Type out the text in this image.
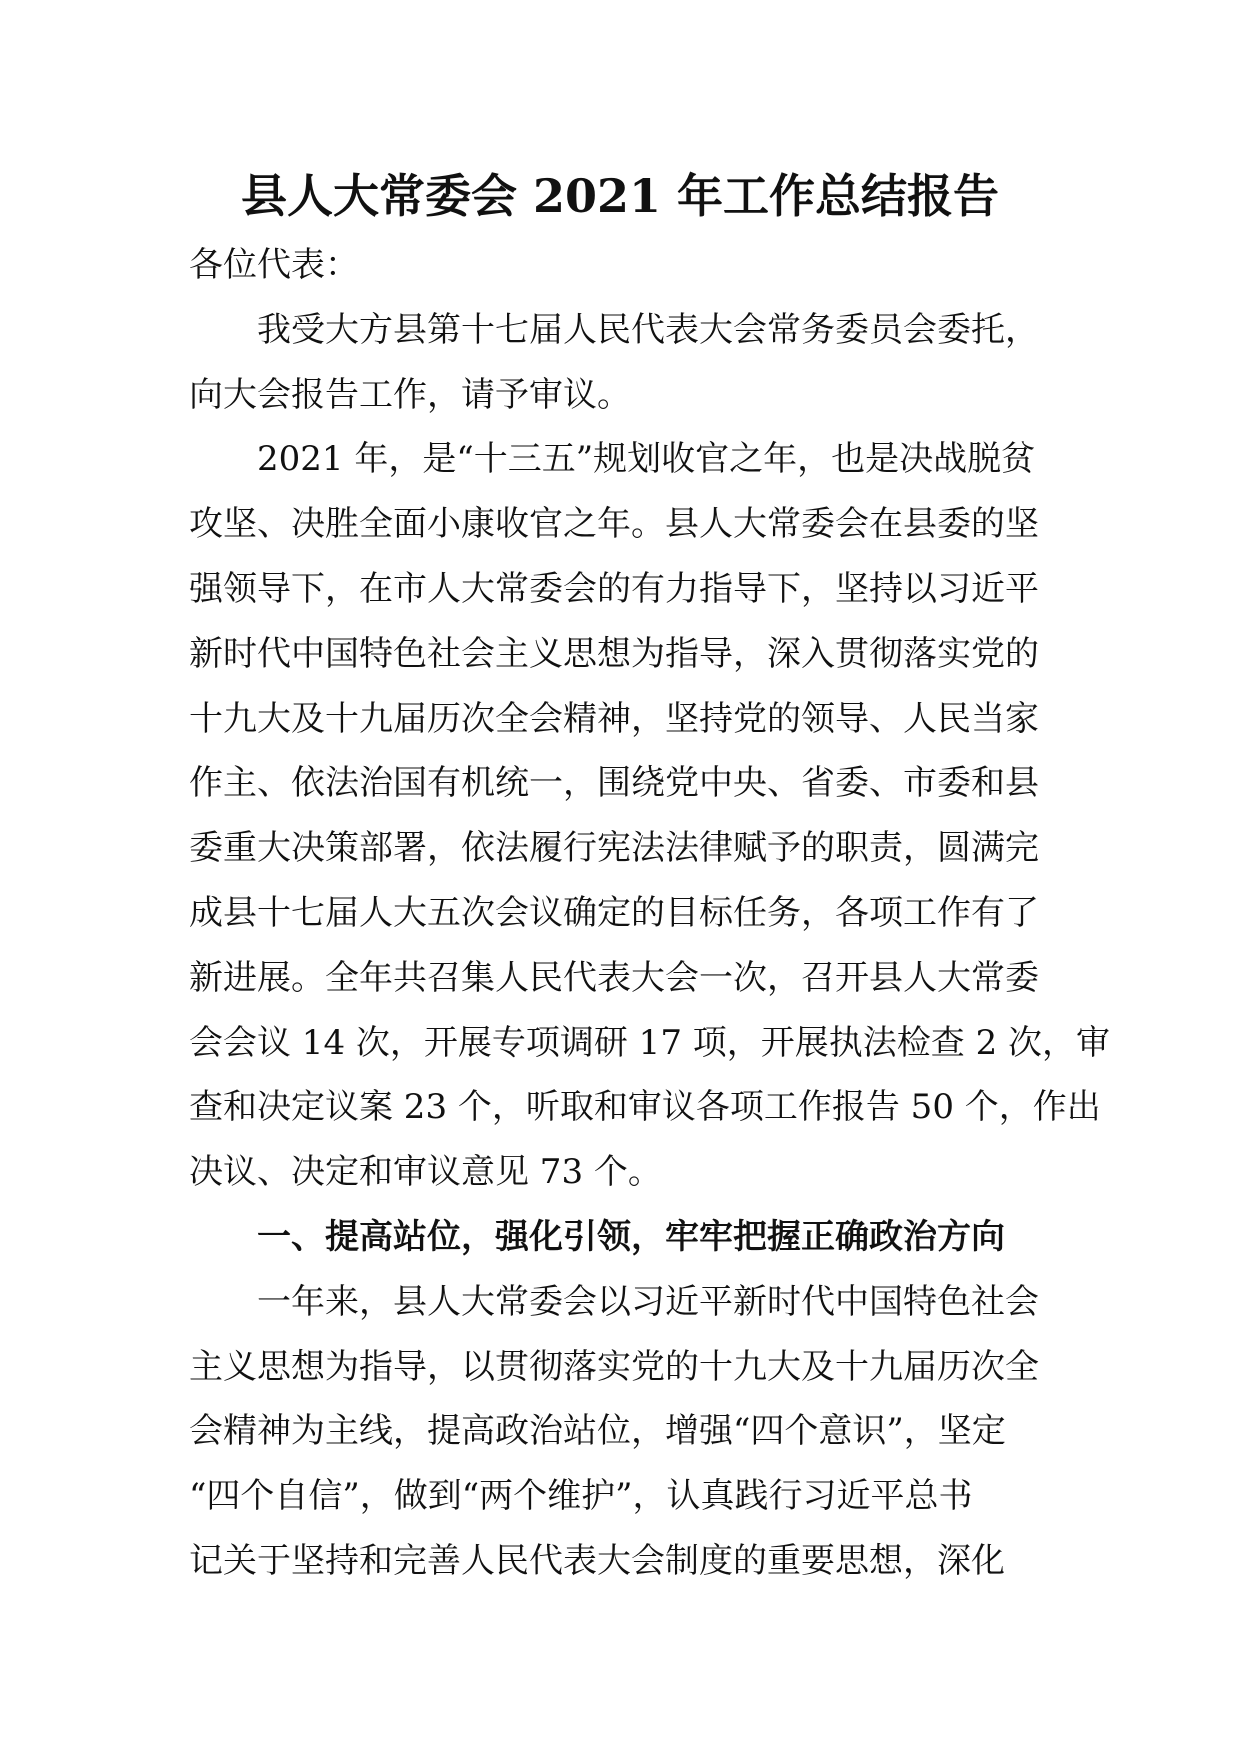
县人大常委会 2021 年工作总结报告
各位代表：
我受大方县第十七届人民代表大会常务委员会委托，
向大会报告工作，请予审议。
2021 年，是“十三五”规划收官之年，也是决战脱贫
攻坚、决胜全面小康收官之年。县人大常委会在县委的坚
强领导下，在市人大常委会的有力指导下，坚持以习近平
新时代中国特色社会主义思想为指导，深入贯彻落实党的
十九大及十九届历次全会精神，坚持党的领导、人民当家
作主、依法治国有机统一，围绕党中央、省委、市委和县
委重大决策部署，依法履行宪法法律赋予的职责，圆满完
成县十七届人大五次会议确定的目标任务，各项工作有了
新进展。全年共召集人民代表大会一次，召开县人大常委
会会议 14 次，开展专项调研 17 项，开展执法检查 2 次，审
查和决定议案 23 个，听取和审议各项工作报告 50 个，作出
决议、决定和审议意见 73 个。
一、提高站位，强化引领，牢牢把握正确政治方向
一年来，县人大常委会以习近平新时代中国特色社会
主义思想为指导，以贯彻落实党的十九大及十九届历次全
会精神为主线，提高政治站位，增强“四个意识”，坚定
“四个自信”，做到“两个维护”，认真践行习近平总书
记关于坚持和完善人民代表大会制度的重要思想，深化
